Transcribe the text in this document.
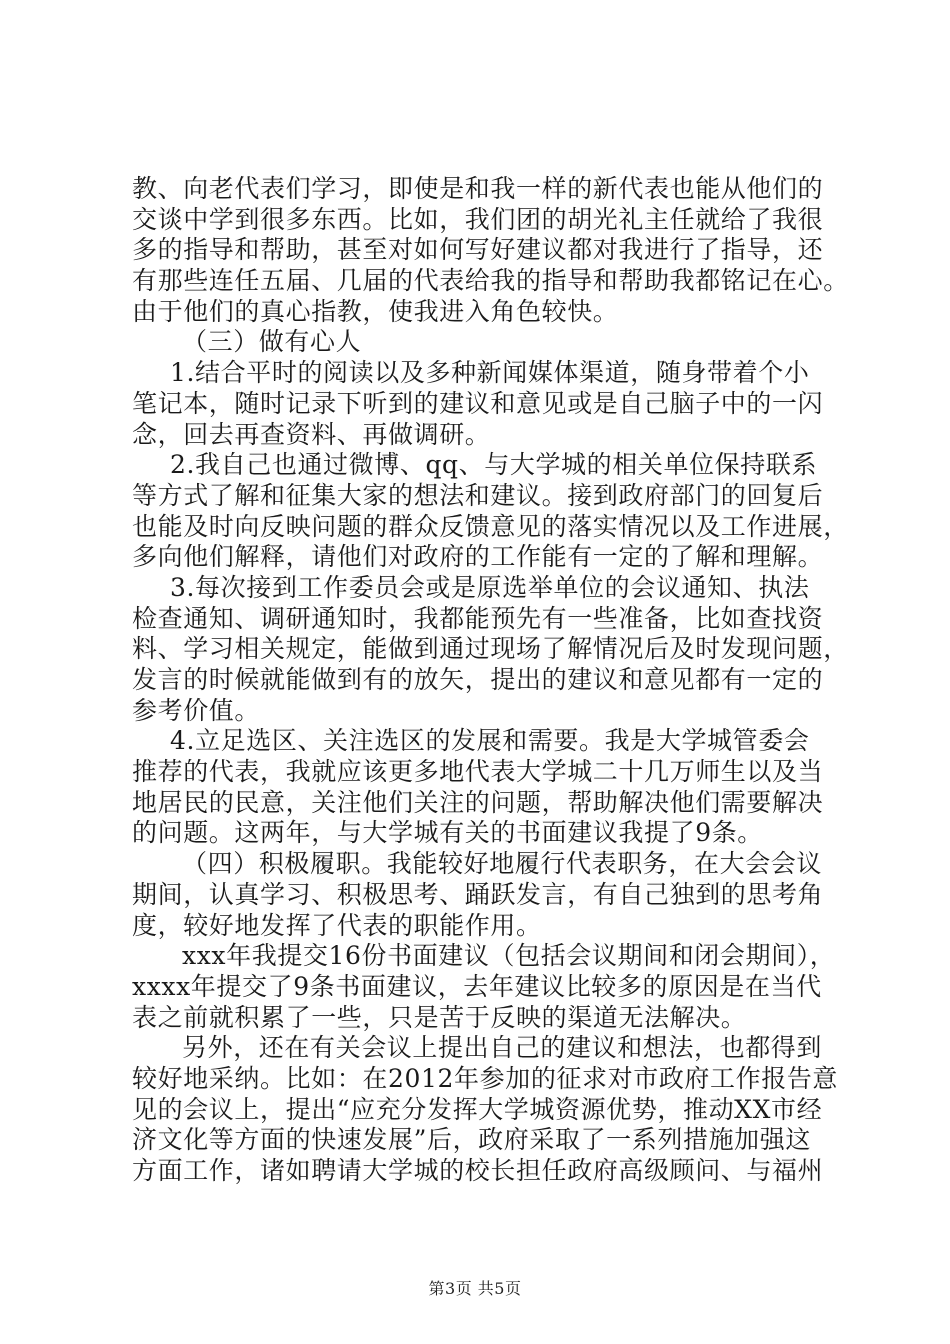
教、向老代表们学习，即使是和我一样的新代表也能从他们的
交谈中学到很多东西。比如，我们团的胡光礼主任就给了我很
多的指导和帮助，甚至对如何写好建议都对我进行了指导，还
有那些连任五届、几届的代表给我的指导和帮助我都铭记在心。
由于他们的真心指教，使我进入角色较快。
（三）做有心人
1.结合平时的阅读以及多种新闻媒体渠道，随身带着个小
笔记本，随时记录下听到的建议和意见或是自己脑子中的一闪
念，回去再查资料、再做调研。
2.我自己也通过微博、qq、与大学城的相关单位保持联系
等方式了解和征集大家的想法和建议。接到政府部门的回复后
也能及时向反映问题的群众反馈意见的落实情况以及工作进展，
多向他们解释，请他们对政府的工作能有一定的了解和理解。
3.每次接到工作委员会或是原选举单位的会议通知、执法
检查通知、调研通知时，我都能预先有一些准备，比如查找资
料、学习相关规定，能做到通过现场了解情况后及时发现问题，
发言的时候就能做到有的放矢，提出的建议和意见都有一定的
参考价值。
4.立足选区、关注选区的发展和需要。我是大学城管委会
推荐的代表，我就应该更多地代表大学城二十几万师生以及当
地居民的民意，关注他们关注的问题，帮助解决他们需要解决
的问题。这两年，与大学城有关的书面建议我提了9条。
（四）积极履职。我能较好地履行代表职务，在大会会议
期间，认真学习、积极思考、踊跃发言，有自己独到的思考角
度，较好地发挥了代表的职能作用。
xxx年我提交16份书面建议（包括会议期间和闭会期间），
xxxx年提交了9条书面建议，去年建议比较多的原因是在当代
表之前就积累了一些，只是苦于反映的渠道无法解决。
另外，还在有关会议上提出自己的建议和想法，也都得到
较好地采纳。比如：在2012年参加的征求对市政府工作报告意
见的会议上，提出“应充分发挥大学城资源优势，推动XX市经
济文化等方面的快速发展”后，政府采取了一系列措施加强这
方面工作，诸如聘请大学城的校长担任政府高级顾问、与福州
第3页 共5页
